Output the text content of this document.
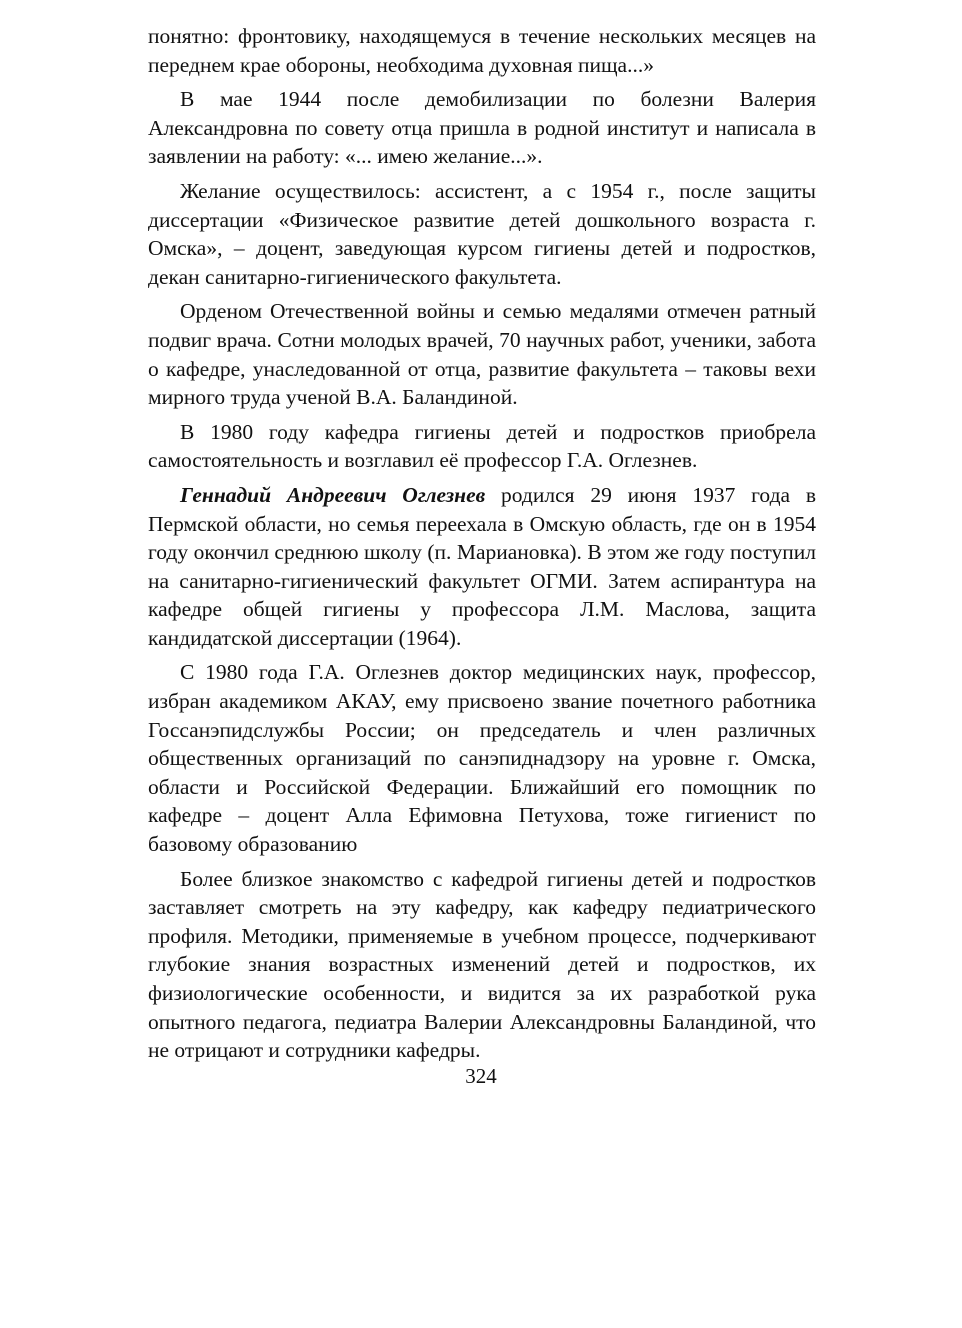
понятно: фронтовику, находящемуся в течение нескольких месяцев на переднем крае обороны, необходима духовная пища...»

В мае 1944 после демобилизации по болезни Валерия Александровна по совету отца пришла в родной институт и написала в заявлении на работу: «... имею желание...».

Желание осуществилось: ассистент, а с 1954 г., после защиты диссертации «Физическое развитие детей дошкольного возраста г. Омска», – доцент, заведующая курсом гигиены детей и подростков, декан санитарно-гигиенического факультета.

Орденом Отечественной войны и семью медалями отмечен ратный подвиг врача. Сотни молодых врачей, 70 научных работ, ученики, забота о кафедре, унаследованной от отца, развитие факультета – таковы вехи мирного труда ученой В.А. Баландиной.

В 1980 году кафедра гигиены детей и подростков приобрела самостоятельность и возглавил её профессор Г.А. Оглезнев.

Геннадий Андреевич Оглезнев родился 29 июня 1937 года в Пермской области, но семья переехала в Омскую область, где он в 1954 году окончил среднюю школу (п. Мариановка). В этом же году поступил на санитарно-гигиенический факультет ОГМИ. Затем аспирантура на кафедре общей гигиены у профессора Л.М. Маслова, защита кандидатской диссертации (1964).

С 1980 года Г.А. Оглезнев доктор медицинских наук, профессор, избран академиком АКАУ, ему присвоено звание почетного работника Госсанэпидслужбы России; он председатель и член различных общественных организаций по санэпиднадзору на уровне г. Омска, области и Российской Федерации. Ближайший его помощник по кафедре – доцент Алла Ефимовна Петухова, тоже гигиенист по базовому образованию

Более близкое знакомство с кафедрой гигиены детей и подростков заставляет смотреть на эту кафедру, как кафедру педиатрического профиля. Методики, применяемые в учебном процессе, подчеркивают глубокие знания возрастных изменений детей и подростков, их физиологические особенности, и видится за их разработкой рука опытного педагога, педиатра Валерии Александровны Баландиной, что не отрицают и сотрудники кафедры.

324
